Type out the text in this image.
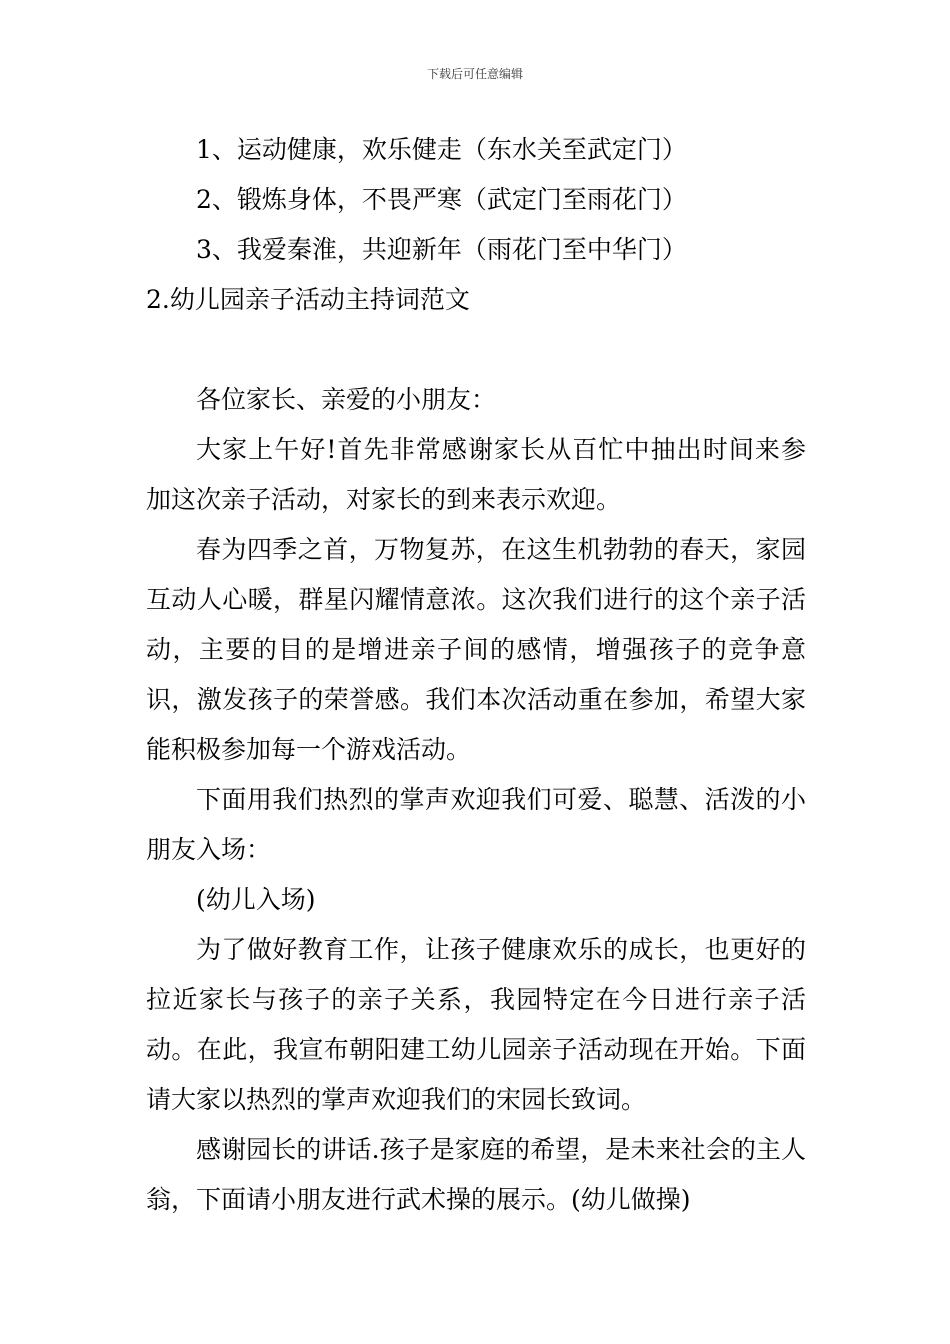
下载后可任意编辑
1、运动健康，欢乐健走（东水关至武定门）
2、锻炼身体，不畏严寒（武定门至雨花门）
3、我爱秦淮，共迎新年（雨花门至中华门）
2.幼儿园亲子活动主持词范文
各位家长、亲爱的小朋友：

大家上午好!首先非常感谢家长从百忙中抽出时间来参加这次亲子活动，对家长的到来表示欢迎。

春为四季之首，万物复苏，在这生机勃勃的春天，家园互动人心暖，群星闪耀情意浓。这次我们进行的这个亲子活动，主要的目的是增进亲子间的感情，增强孩子的竞争意识，激发孩子的荣誉感。我们本次活动重在参加，希望大家能积极参加每一个游戏活动。

下面用我们热烈的掌声欢迎我们可爱、聪慧、活泼的小朋友入场：

(幼儿入场)

为了做好教育工作，让孩子健康欢乐的成长，也更好的拉近家长与孩子的亲子关系，我园特定在今日进行亲子活动。在此，我宣布朝阳建工幼儿园亲子活动现在开始。下面请大家以热烈的掌声欢迎我们的宋园长致词。

感谢园长的讲话.孩子是家庭的希望，是未来社会的主人翁，下面请小朋友进行武术操的展示。(幼儿做操)
